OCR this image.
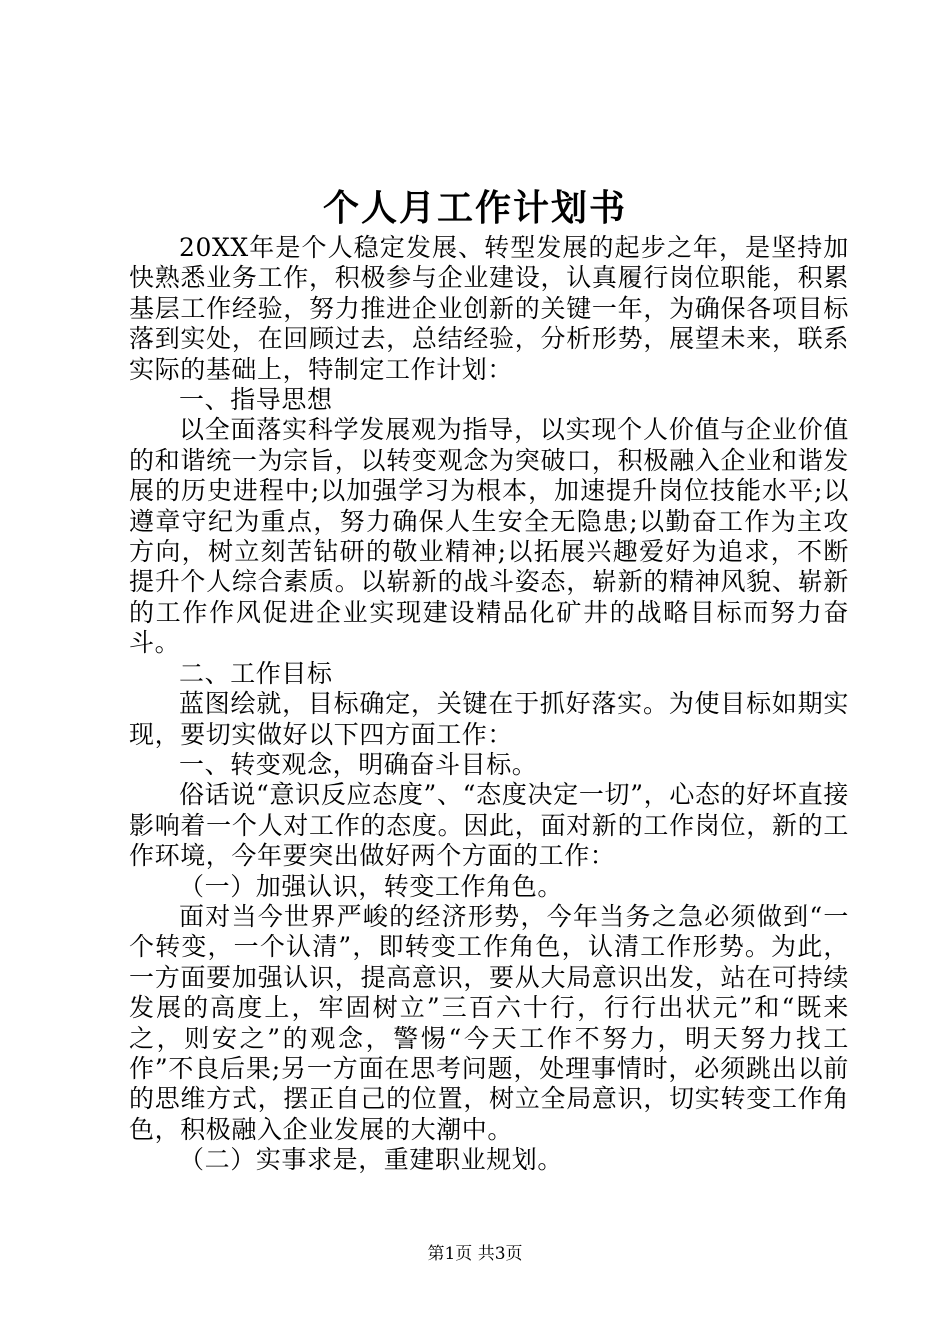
个人月工作计划书

20XX年是个人稳定发展、转型发展的起步之年，是坚持加快熟悉业务工作，积极参与企业建设，认真履行岗位职能，积累基层工作经验，努力推进企业创新的关键一年，为确保各项目标落到实处，在回顾过去，总结经验，分析形势，展望未来，联系实际的基础上，特制定工作计划：

一、指导思想

以全面落实科学发展观为指导，以实现个人价值与企业价值的和谐统一为宗旨，以转变观念为突破口，积极融入企业和谐发展的历史进程中;以加强学习为根本，加速提升岗位技能水平;以遵章守纪为重点，努力确保人生安全无隐患;以勤奋工作为主攻方向，树立刻苦钻研的敬业精神;以拓展兴趣爱好为追求，不断提升个人综合素质。以崭新的战斗姿态，崭新的精神风貌、崭新的工作作风促进企业实现建设精品化矿井的战略目标而努力奋斗。

二、工作目标

蓝图绘就，目标确定，关键在于抓好落实。为使目标如期实现，要切实做好以下四方面工作：

一、转变观念，明确奋斗目标。

俗话说“意识反应态度”、“态度决定一切”，心态的好坏直接影响着一个人对工作的态度。因此，面对新的工作岗位，新的工作环境，今年要突出做好两个方面的工作：

（一）加强认识，转变工作角色。

面对当今世界严峻的经济形势，今年当务之急必须做到“一个转变，一个认清”，即转变工作角色，认清工作形势。为此，一方面要加强认识，提高意识，要从大局意识出发，站在可持续发展的高度上，牢固树立”三百六十行，行行出状元”和“既来之，则安之”的观念，警惕“今天工作不努力，明天努力找工作”不良后果;另一方面在思考问题，处理事情时，必须跳出以前的思维方式，摆正自己的位置，树立全局意识，切实转变工作角色，积极融入企业发展的大潮中。

（二）实事求是，重建职业规划。

第1页 共3页
